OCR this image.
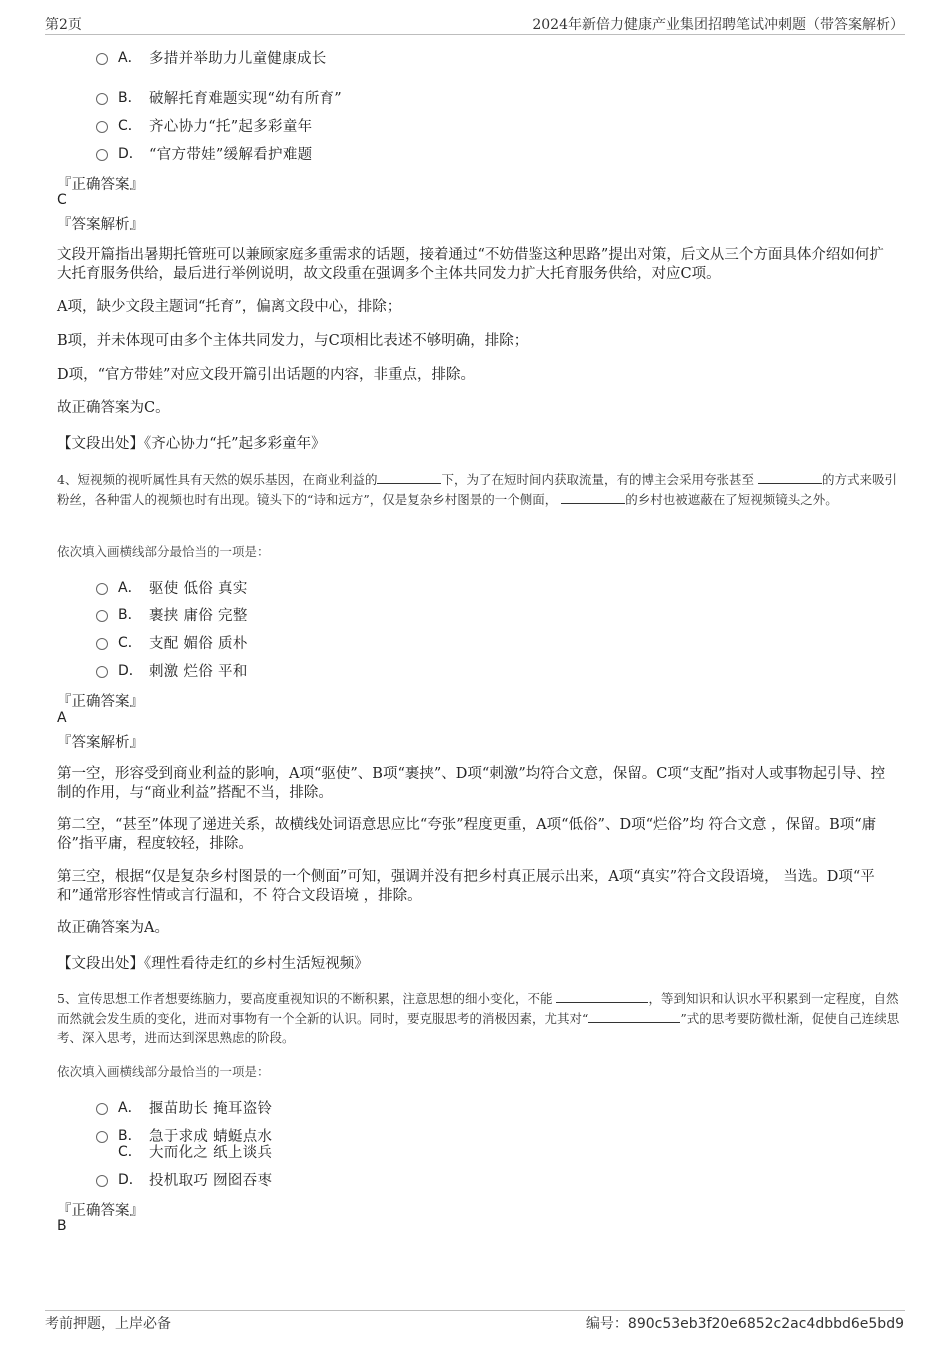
第2页	2024年新倍力健康产业集团招聘笔试冲刺题（带答案解析）
A． 多措并举助力儿童健康成长
B． 破解托育难题实现“幼有所育”
C． 齐心协力“托”起多彩童年
D． “官方带娃”缓解看护难题
『正确答案』
C
『答案解析』
文段开篇指出暑期托管班可以兼顾家庭多重需求的话题，接着通过“不妨借鉴这种思路”提出对策，后文从三个方面具体介绍如何扩大托育服务供给，最后进行举例说明，故文段重在强调多个主体共同发力扩大托育服务供给，对应C项。
A项，缺少文段主题词“托育”，偏离文段中心，排除；
B项，并未体现可由多个主体共同发力，与C项相比表述不够明确，排除；
D项，“官方带娃”对应文段开篇引出话题的内容，非重点，排除。
故正确答案为C。
【文段出处】《齐心协力“托”起多彩童年》
4、短视频的视听属性具有天然的娱乐基因，在商业利益的	下，为了在短时间内获取流量，有的博主会采用夸张甚至	的方式来吸引粉丝，各种雷人的视频也时有出现。镜头下的“诗和远方”，仅是复杂乡村图景的一个侧面，	的乡村也被遮蔽在了短视频镜头之外。
依次填入画横线部分最恰当的一项是：
A． 驱使 低俗 真实
B． 裹挟 庸俗 完整
C． 支配 媚俗 质朴
D． 刺激 烂俗 平和
『正确答案』
A
『答案解析』
第一空，形容受到商业利益的影响，A项“驱使”、B项“裹挟”、D项“刺激”均符合文意，保留。C项“支配”指对人或事物起引导、控制的作用，与“商业利益”搭配不当，排除。
第二空，“甚至”体现了递进关系，故横线处词语意思应比“夸张”程度更重，A项“低俗”、D项“烂俗”均 符合文意 ，保留。B项“庸俗”指平庸，程度较轻，排除。
第三空，根据“仅是复杂乡村图景的一个侧面”可知，强调并没有把乡村真正展示出来，A项“真实”符合文段语境， 当选。D项“平和”通常形容性情或言行温和，不 符合文段语境 ，排除。
故正确答案为A。
【文段出处】《理性看待走红的乡村生活短视频》
5、宣传思想工作者想要练脑力，要高度重视知识的不断积累，注意思想的细小变化，不能	，等到知识和认识水平积累到一定程度，自然而然就会发生质的变化，进而对事物有一个全新的认识。同时，要克服思考的消极因素，尤其对“	”式的思考要防微杜渐，促使自己连续思考、深入思考，进而达到深思熟虑的阶段。
依次填入画横线部分最恰当的一项是：
A． 揠苗助长 掩耳盗铃
B． 急于求成 蜻蜓点水
C． 大而化之 纸上谈兵
D． 投机取巧 囫囵吞枣
『正确答案』
B
考前押题，上岸必备	编号：890c53eb3f20e6852c2ac4dbbd6e5bd9
